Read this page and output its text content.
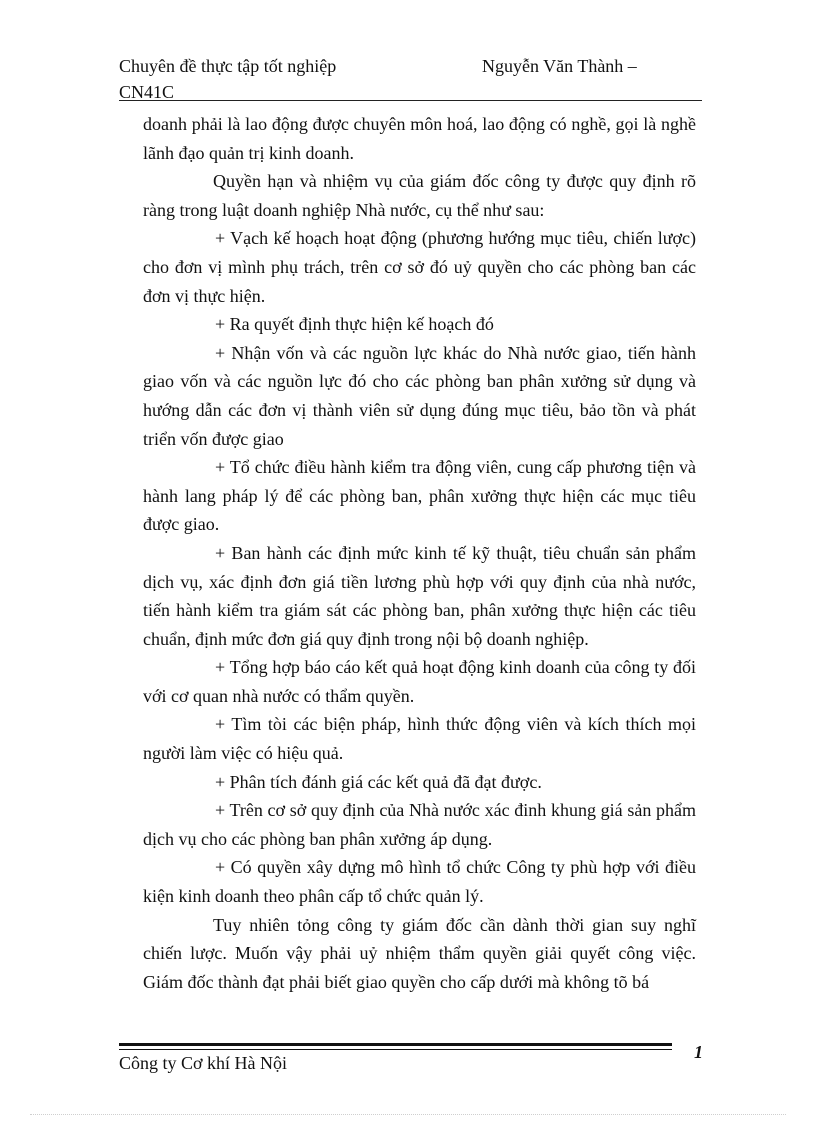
Chuyên đề thực tập tốt nghiệp
CN41C
Nguyễn Văn Thành –

doanh phải là lao động được chuyên môn hoá, lao động có nghề, gọi là nghề lãnh đạo quản trị kinh doanh.

Quyền hạn và nhiệm vụ của giám đốc công ty được quy định rõ ràng trong luật doanh nghiệp Nhà nước, cụ thể như sau:

+ Vạch kế hoạch hoạt động (phương hướng mục tiêu, chiến lược) cho đơn vị mình phụ trách, trên cơ sở đó uỷ quyền cho các phòng ban các đơn vị thực hiện.

+ Ra quyết định thực hiện kế hoạch đó

+ Nhận vốn và các nguồn lực khác do Nhà nước giao, tiến hành giao vốn và các nguồn lực đó cho các phòng ban phân xưởng sử dụng và hướng dẫn các đơn vị thành viên sử dụng đúng mục tiêu, bảo tồn và phát triển vốn được giao

+ Tổ chức điều hành kiểm tra động viên, cung cấp phương tiện và hành lang pháp lý để các phòng ban, phân xưởng thực hiện các mục tiêu được giao.

+ Ban hành các định mức kinh tế kỹ thuật, tiêu chuẩn sản phẩm dịch vụ, xác định đơn giá tiền lương phù hợp với quy định của nhà nước, tiến hành kiểm tra giám sát các phòng ban, phân xưởng thực hiện các tiêu chuẩn, định mức đơn giá quy định trong nội bộ doanh nghiệp.

+ Tổng hợp báo cáo kết quả hoạt động kinh doanh của công ty đối với cơ quan nhà nước có thẩm quyền.

+ Tìm tòi các biện pháp, hình thức động viên và kích thích mọi người làm việc có hiệu quả.

+ Phân tích đánh giá các kết quả đã đạt được.

+ Trên cơ sở quy định của Nhà nước xác đinh khung giá sản phẩm dịch vụ cho các phòng ban phân xưởng áp dụng.

+ Có quyền xây dựng mô hình tổ chức Công ty phù hợp với điều kiện kinh doanh theo phân cấp tổ chức quản lý.

Tuy nhiên tỏng công ty giám đốc cần dành thời gian suy nghĩ chiến lược. Muốn vậy phải uỷ nhiệm thẩm quyền giải quyết công việc. Giám đốc thành đạt phải biết giao quyền cho cấp dưới mà không tõ bá

Công ty Cơ khí Hà Nội
1
